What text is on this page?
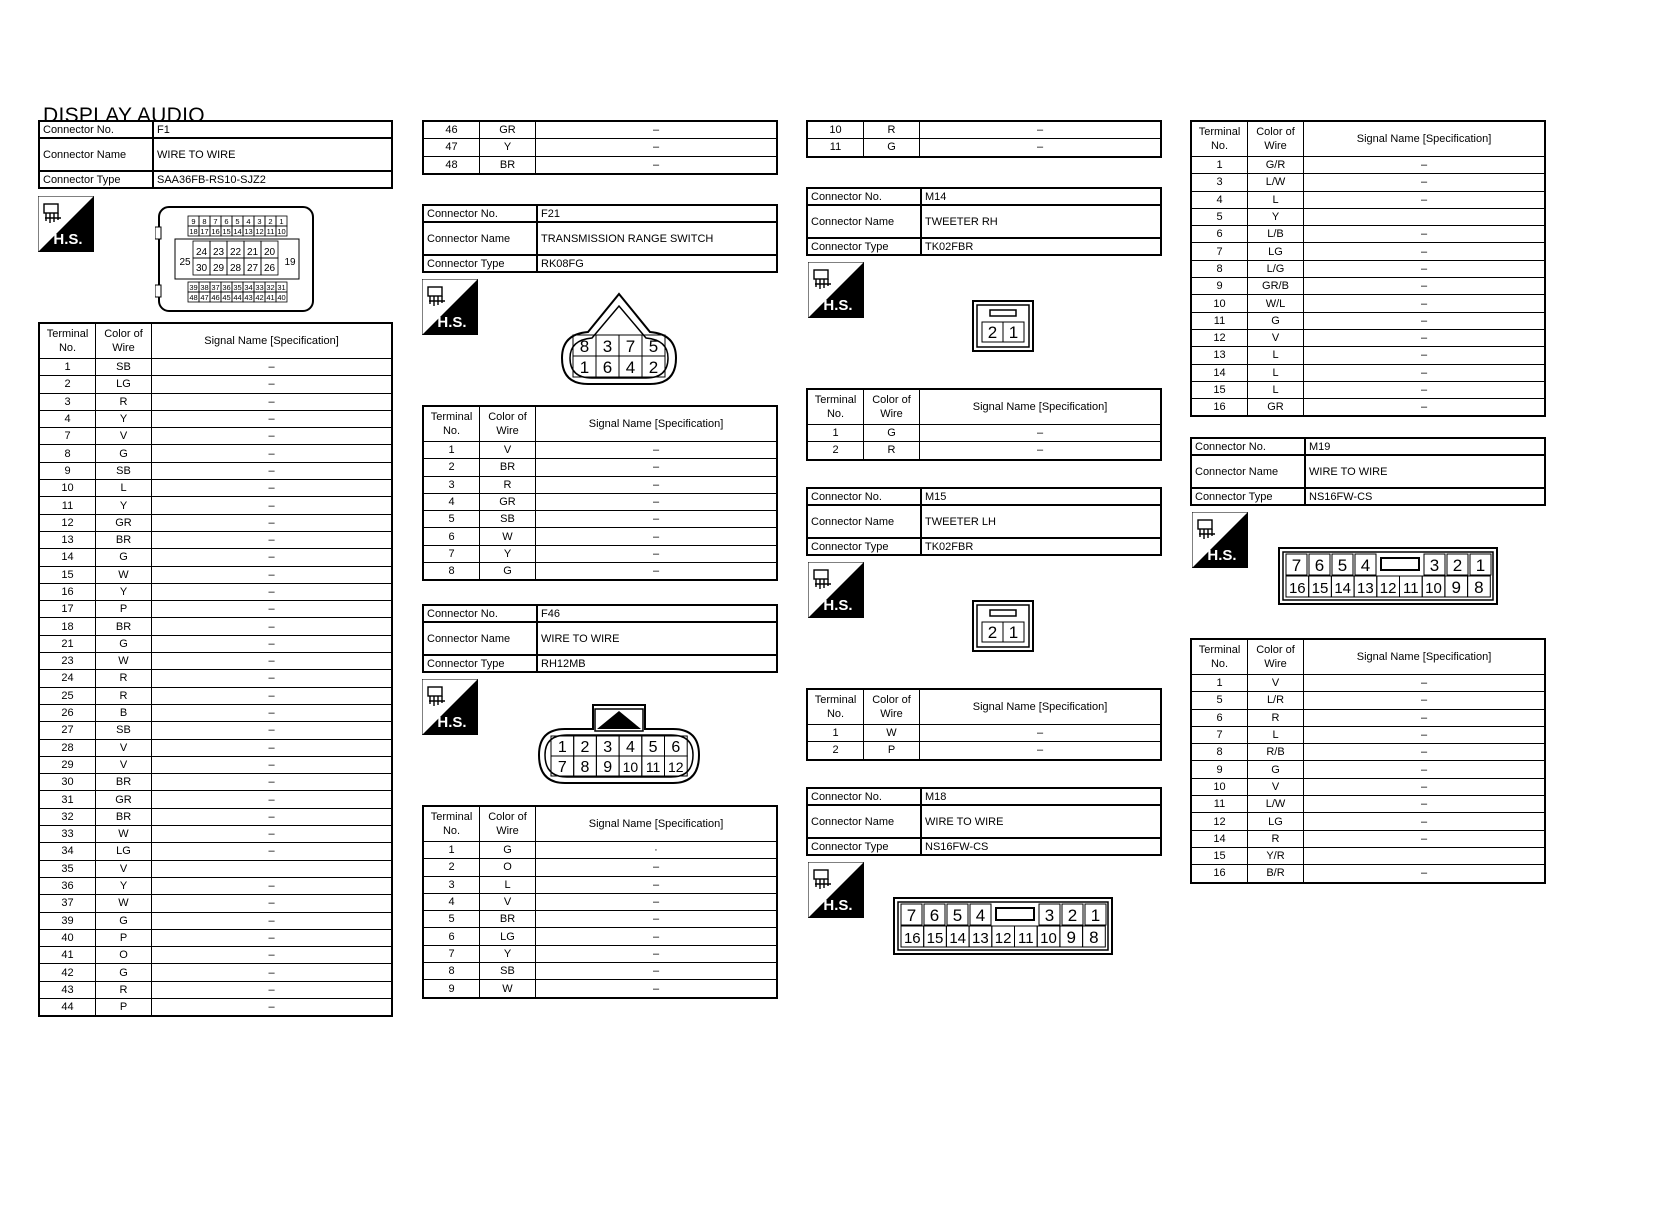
DISPLAY AUDIO
Connector No.	F1
Connector Name	WIRE TO WIRE
Connector Type	SAA36FB-RS10-SJZ2
H.S.
9 8 7 6 5 4 3 2 1
18 17 16 15 14 13 12 11 10
24 23 22 21 20
25
30 29 28 27 26
19
39 38 37 36 35 34 33 32 31
48 47 46 45 44 43 42 41 40
Terminal No.	Color of Wire	Signal Name [Specification]
1	SB	–
2	LG	–
3	R	–
4	Y	–
7	V	–
8	G	–
9	SB	–
10	L	–
11	Y	–
12	GR	–
13	BR	–
14	G	–
15	W	–
16	Y	–
17	P	–
18	BR	–
21	G	–
23	W	–
24	R	–
25	R	–
26	B	–
27	SB	–
28	V	–
29	V	–
30	BR	–
31	GR	–
32	BR	–
33	W	–
34	LG	–
35	V	
36	Y	–
37	W	–
39	G	–
40	P	–
41	O	–
42	G	–
43	R	–
44	P	–
46	GR	–
47	Y	–
48	BR	–
Connector No.	F21
Connector Name	TRANSMISSION RANGE SWITCH
Connector Type	RK08FG
H.S.
8 3 7 5
1 6 4 2
Terminal No.	Color of Wire	Signal Name [Specification]
1	V	–
2	BR	–
3	R	–
4	GR	–
5	SB	–
6	W	–
7	Y	–
8	G	–
Connector No.	F46
Connector Name	WIRE TO WIRE
Connector Type	RH12MB
H.S.
1 2 3 4 5 6
7 8 9 10 11 12
Terminal No.	Color of Wire	Signal Name [Specification]
1	G	·
2	O	–
3	L	–
4	V	–
5	BR	–
6	LG	–
7	Y	–
8	SB	–
9	W	–
10	R	–
11	G	–
Connector No.	M14
Connector Name	TWEETER RH
Connector Type	TK02FBR
H.S.
2 1
Terminal No.	Color of Wire	Signal Name [Specification]
1	G	–
2	R	–
Connector No.	M15
Connector Name	TWEETER LH
Connector Type	TK02FBR
H.S.
2 1
Terminal No.	Color of Wire	Signal Name [Specification]
1	W	–
2	P	–
Connector No.	M18
Connector Name	WIRE TO WIRE
Connector Type	NS16FW-CS
H.S.
7 6 5 4	3 2 1
16 15 14 13 12 11 10 9 8
Terminal No.	Color of Wire	Signal Name [Specification]
1	G/R	–
3	L/W	–
4	L	–
5	Y	
6	L/B	–
7	LG	–
8	L/G	–
9	GR/B	–
10	W/L	–
11	G	–
12	V	–
13	L	–
14	L	–
15	L	–
16	GR	–
Connector No.	M19
Connector Name	WIRE TO WIRE
Connector Type	NS16FW-CS
H.S.
7 6 5 4	3 2 1
16 15 14 13 12 11 10 9 8
Terminal No.	Color of Wire	Signal Name [Specification]
1	V	–
5	L/R	–
6	R	–
7	L	–
8	R/B	–
9	G	–
10	V	–
11	L/W	–
12	LG	–
14	R	–
15	Y/R	
16	B/R	–
